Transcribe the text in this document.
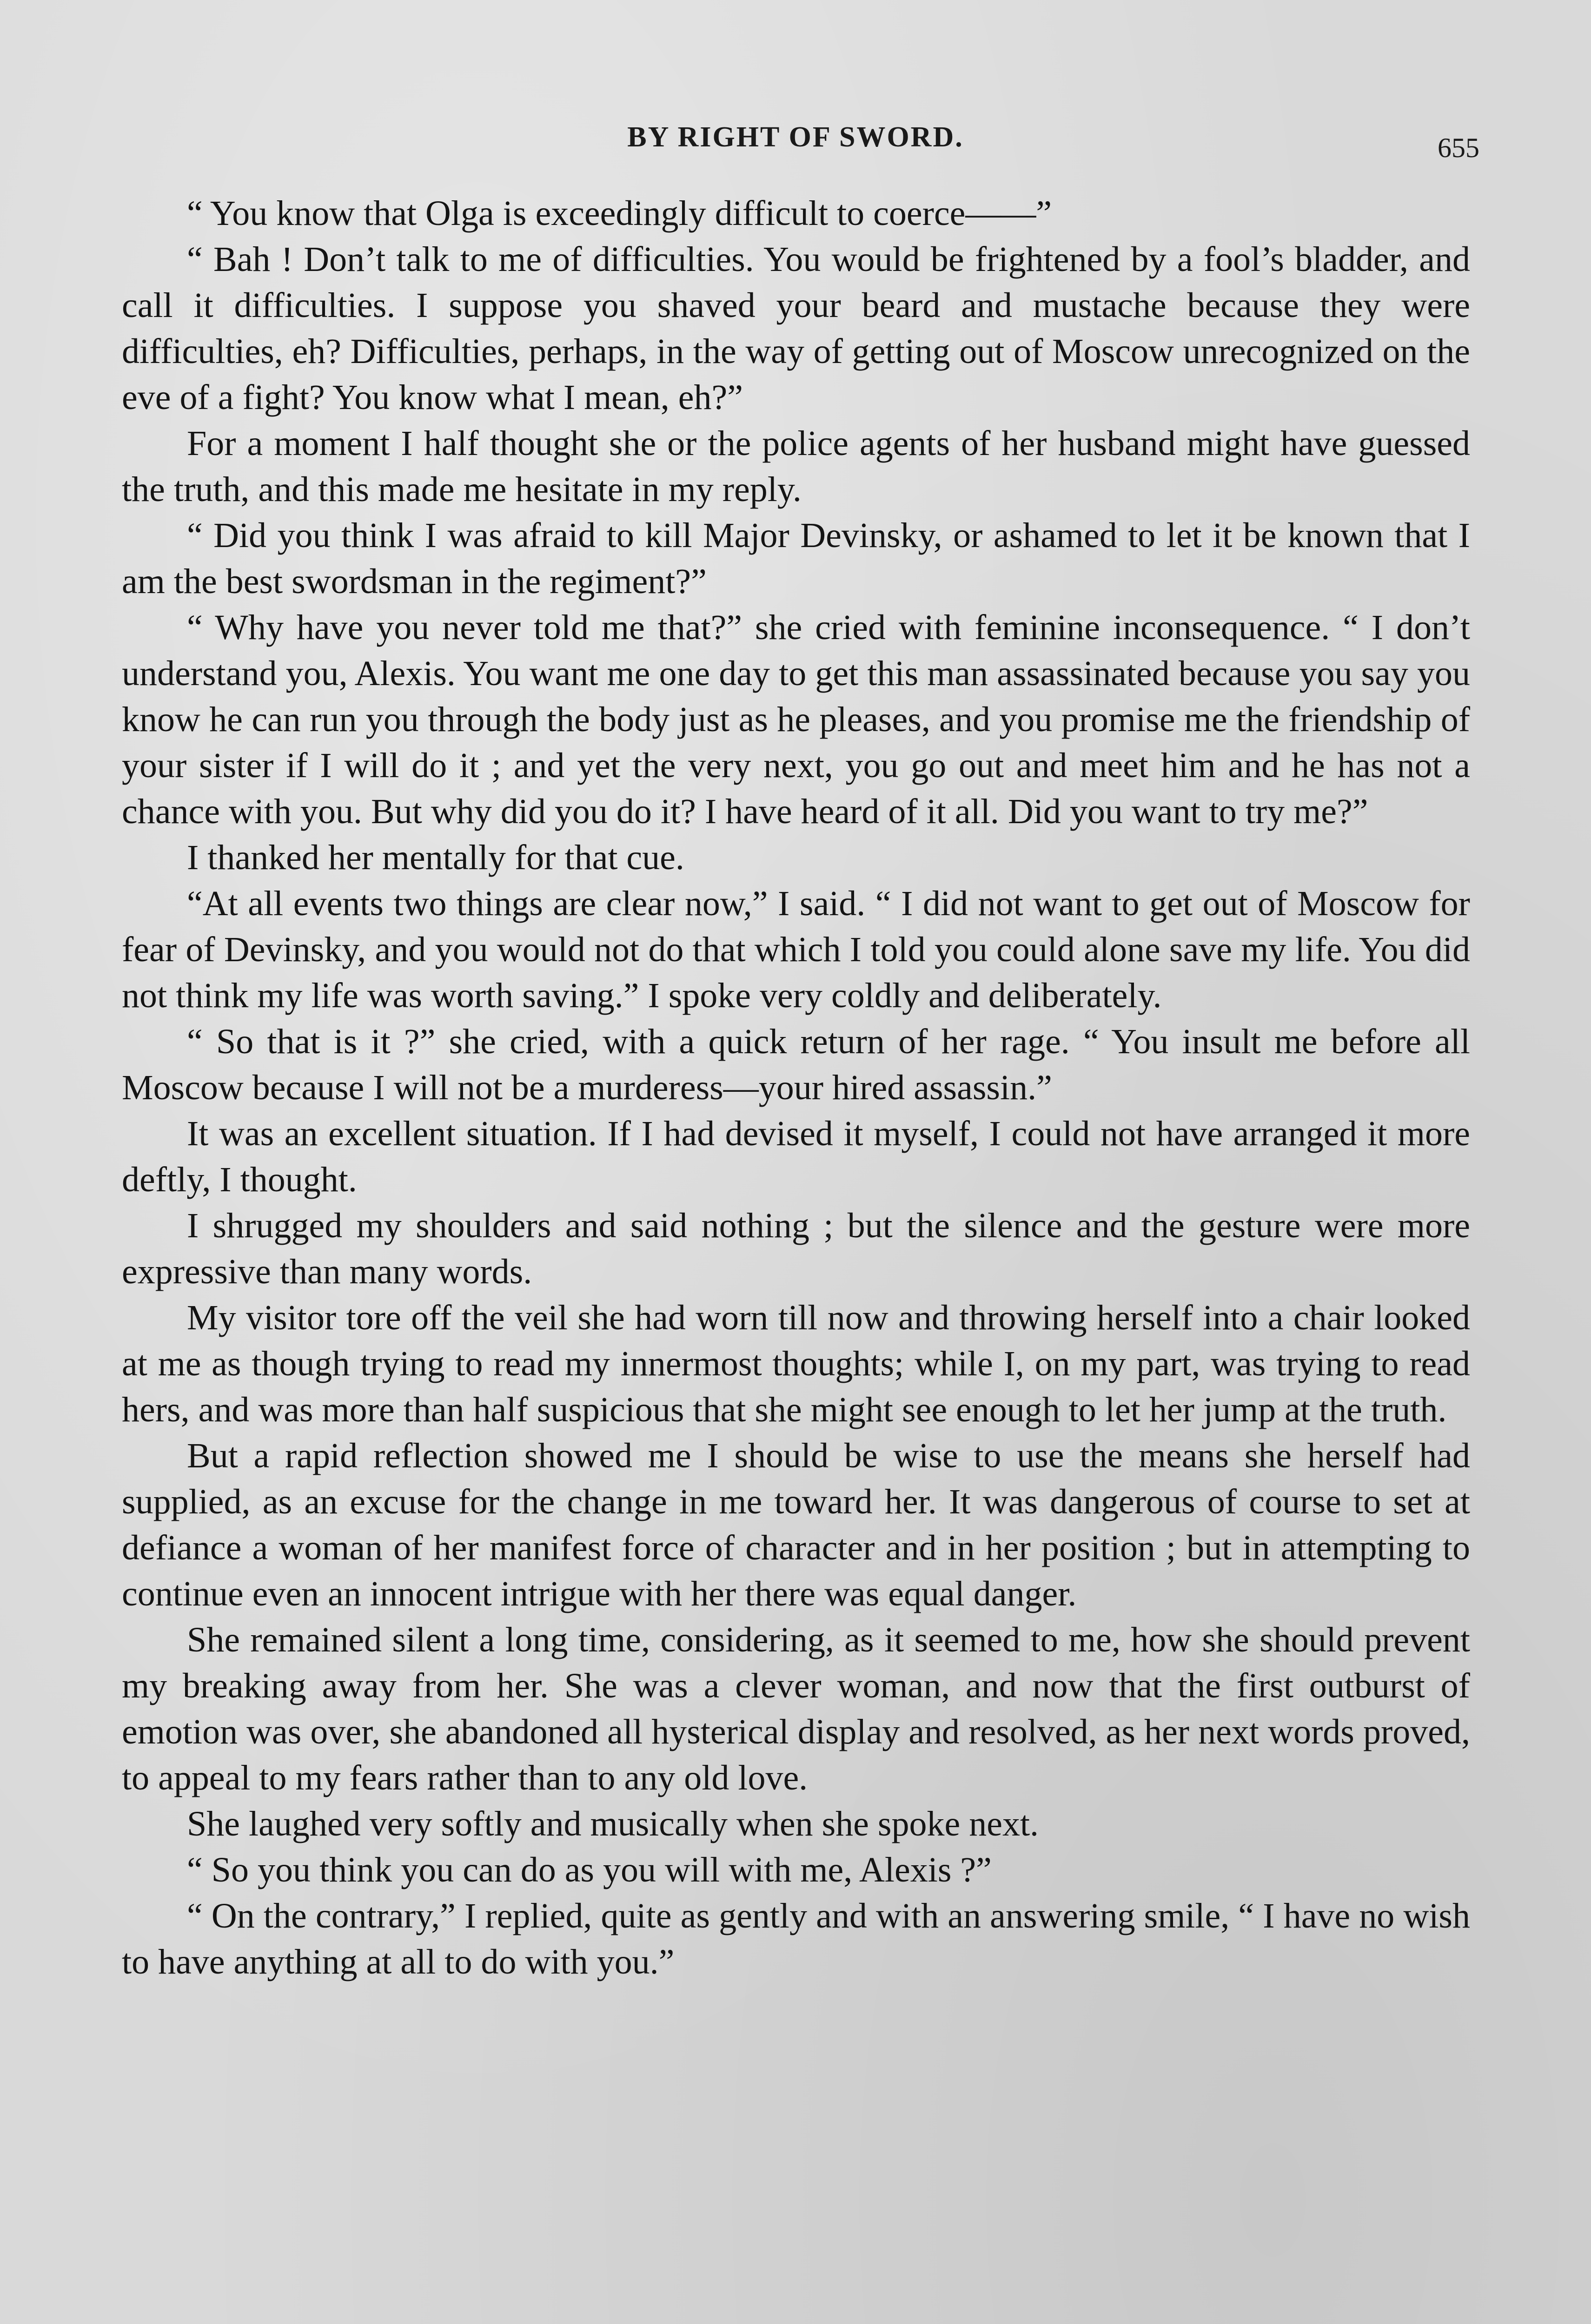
BY RIGHT OF SWORD.	655

“ You know that Olga is exceedingly difficult to coerce——”

“ Bah ! Don’t talk to me of difficulties. You would be frightened by a fool’s bladder, and call it difficulties. I suppose you shaved your beard and mustache because they were difficulties, eh? Difficulties, perhaps, in the way of getting out of Moscow unrecognized on the eve of a fight? You know what I mean, eh?”

For a moment I half thought she or the police agents of her husband might have guessed the truth, and this made me hesitate in my reply.

“ Did you think I was afraid to kill Major Devinsky, or ashamed to let it be known that I am the best swordsman in the regiment?”

“ Why have you never told me that?” she cried with feminine inconsequence. “ I don’t understand you, Alexis. You want me one day to get this man assassinated because you say you know he can run you through the body just as he pleases, and you promise me the friendship of your sister if I will do it ; and yet the very next, you go out and meet him and he has not a chance with you. But why did you do it? I have heard of it all. Did you want to try me?”

I thanked her mentally for that cue.

“At all events two things are clear now,” I said. “ I did not want to get out of Moscow for fear of Devinsky, and you would not do that which I told you could alone save my life. You did not think my life was worth saving.” I spoke very coldly and deliberately.

“ So that is it ?” she cried, with a quick return of her rage. “ You insult me before all Moscow because I will not be a murderess—your hired assassin.”

It was an excellent situation. If I had devised it myself, I could not have arranged it more deftly, I thought.

I shrugged my shoulders and said nothing ; but the silence and the gesture were more expressive than many words.

My visitor tore off the veil she had worn till now and throwing herself into a chair looked at me as though trying to read my innermost thoughts; while I, on my part, was trying to read hers, and was more than half suspicious that she might see enough to let her jump at the truth.

But a rapid reflection showed me I should be wise to use the means she herself had supplied, as an excuse for the change in me toward her. It was dangerous of course to set at defiance a woman of her manifest force of character and in her position ; but in attempting to continue even an innocent intrigue with her there was equal danger.

She remained silent a long time, considering, as it seemed to me, how she should prevent my breaking away from her. She was a clever woman, and now that the first outburst of emotion was over, she abandoned all hysterical display and resolved, as her next words proved, to appeal to my fears rather than to any old love.

She laughed very softly and musically when she spoke next.

“ So you think you can do as you will with me, Alexis ?”

“ On the contrary,” I replied, quite as gently and with an answering smile, “ I have no wish to have anything at all to do with you.”
